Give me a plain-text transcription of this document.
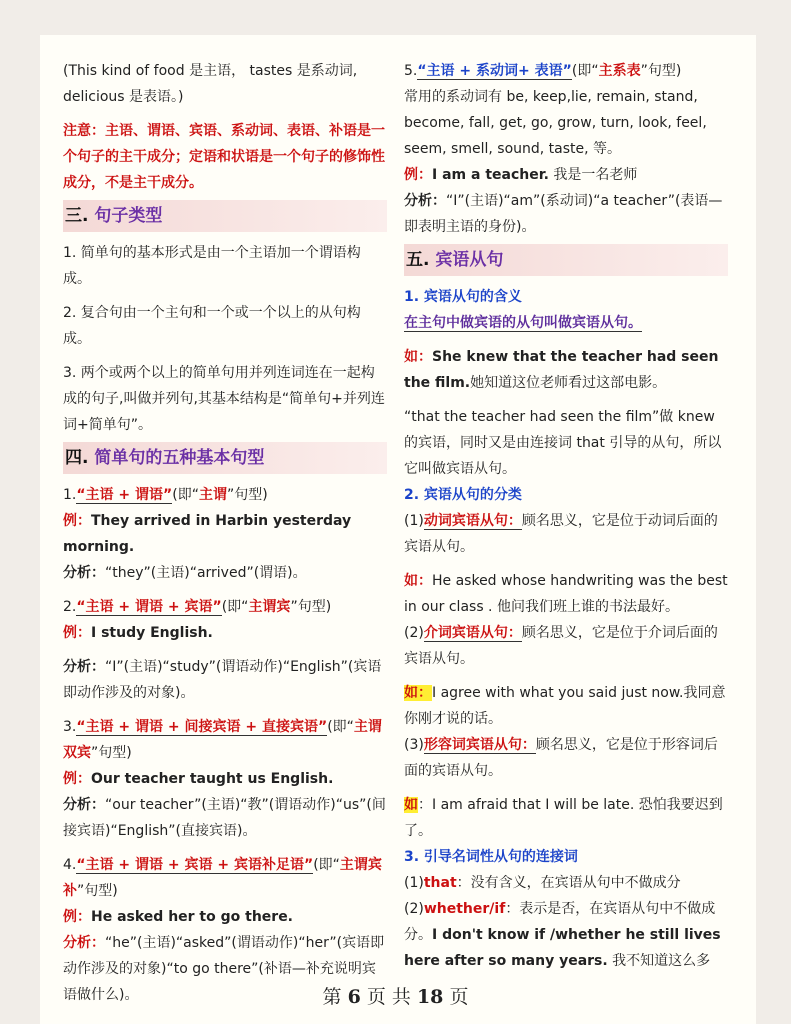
(This kind of food 是主语， tastes 是系动词, delicious 是表语。)

注意：主语、谓语、宾语、系动词、表语、补语是一个句子的主干成分；定语和状语是一个句子的修饰性成分，不是主干成分。

三. 句子类型

1. 简单句的基本形式是由一个主语加一个谓语构成。

2. 复合句由一个主句和一个或一个以上的从句构成。

3. 两个或两个以上的简单句用并列连词连在一起构成的句子,叫做并列句,其基本结构是“简单句+并列连词+简单句”。

四. 简单句的五种基本句型

1.“主语 + 谓语”(即“主谓”句型)

例：They arrived in Harbin yesterday morning.

分析：“they”(主语)“arrived”(谓语)。

2.“主语 + 谓语 + 宾语”(即“主谓宾”句型)

例：I study English.

分析：“I”(主语)“study”(谓语动作)“English”(宾语即动作涉及的对象)。

3.“主语 + 谓语 + 间接宾语 + 直接宾语”(即“主谓双宾”句型)

例：Our teacher taught us English.

分析：“our teacher”(主语)“教”(谓语动作)“us”(间接宾语)“English”(直接宾语)。

4.“主语 + 谓语 + 宾语 + 宾语补足语”(即“主谓宾补”句型)

例：He asked her to go there.

分析：“he”(主语)“asked”(谓语动作)“her”(宾语即动作涉及的对象)“to go there”(补语—补充说明宾语做什么)。

5.“主语 + 系动词+ 表语”(即“主系表”句型)

常用的系动词有 be, keep,lie, remain, stand, become, fall, get, go, grow, turn, look, feel, seem, smell, sound, taste, 等。

例：I am a teacher. 我是一名老师

分析：“I”(主语)“am”(系动词)“a teacher”(表语—即表明主语的身份)。

五. 宾语从句

1. 宾语从句的含义

在主句中做宾语的从句叫做宾语从句。

如：She knew that the teacher had seen the film.她知道这位老师看过这部电影。

“that the teacher had seen the film”做 knew 的宾语，同时又是由连接词 that 引导的从句，所以它叫做宾语从句。

2. 宾语从句的分类

(1)动词宾语从句：顾名思义，它是位于动词后面的宾语从句。

如：He asked whose handwriting was the best in our class . 他问我们班上谁的书法最好。

(2)介词宾语从句：顾名思义，它是位于介词后面的宾语从句。

如：I agree with what you said just now.我同意你刚才说的话。

(3)形容词宾语从句：顾名思义，它是位于形容词后面的宾语从句。

如：I am afraid that I will be late. 恐怕我要迟到了。

3. 引导名词性从句的连接词

(1)that：没有含义，在宾语从句中不做成分

(2)whether/if：表示是否，在宾语从句中不做成分。I don't know if /whether he still lives here after so many years. 我不知道这么多

第 6 页 共 18 页
